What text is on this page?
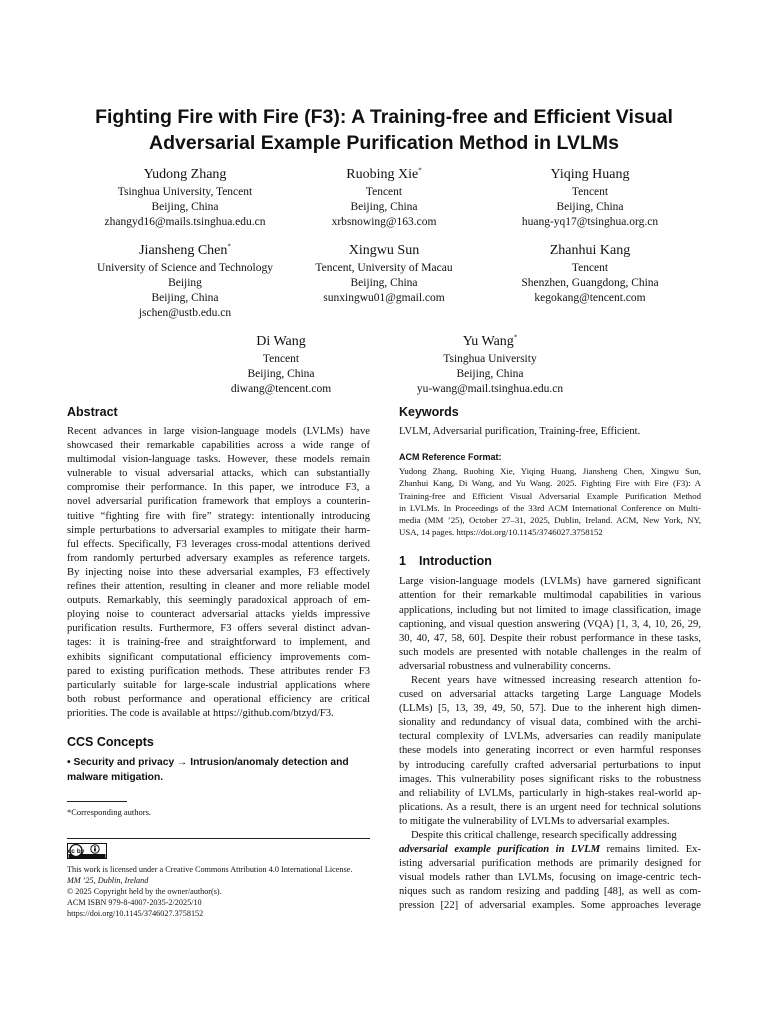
Fighting Fire with Fire (F3): A Training-free and Efficient Visual
Adversarial Example Purification Method in LVLMs
Yudong Zhang
Tsinghua University, Tencent
Beijing, China
zhangyd16@mails.tsinghua.edu.cn
Ruobing Xie*
Tencent
Beijing, China
xrbsnowing@163.com
Yiqing Huang
Tencent
Beijing, China
huang-yq17@tsinghua.org.cn
Jiansheng Chen*
University of Science and Technology
Beijing
Beijing, China
jschen@ustb.edu.cn
Xingwu Sun
Tencent, University of Macau
Beijing, China
sunxingwu01@gmail.com
Zhanhui Kang
Tencent
Shenzhen, Guangdong, China
kegokang@tencent.com
Di Wang
Tencent
Beijing, China
diwang@tencent.com
Yu Wang*
Tsinghua University
Beijing, China
yu-wang@mail.tsinghua.edu.cn
Abstract
Recent advances in large vision-language models (LVLMs) have
showcased their remarkable capabilities across a wide range of
multimodal vision-language tasks. However, these models remain
vulnerable to visual adversarial attacks, which can substantially
compromise their performance. In this paper, we introduce F3, a
novel adversarial purification framework that employs a counterin-
tuitive “fighting fire with fire” strategy: intentionally introducing
simple perturbations to adversarial examples to mitigate their harm-
ful effects. Specifically, F3 leverages cross-modal attentions derived
from randomly perturbed adversary examples as reference targets.
By injecting noise into these adversarial examples, F3 effectively
refines their attention, resulting in cleaner and more reliable model
outputs. Remarkably, this seemingly paradoxical approach of em-
ploying noise to counteract adversarial attacks yields impressive
purification results. Furthermore, F3 offers several distinct advan-
tages: it is training-free and straightforward to implement, and
exhibits significant computational efficiency improvements com-
pared to existing purification methods. These attributes render F3
particularly suitable for large-scale industrial applications where
both robust performance and operational efficiency are critical
priorities. The code is available at https://github.com/btzyd/F3.
CCS Concepts
• Security and privacy → Intrusion/anomaly detection and
malware mitigation.
*Corresponding authors.
cc by
This work is licensed under a Creative Commons Attribution 4.0 International License.
MM ’25, Dublin, Ireland
© 2025 Copyright held by the owner/author(s).
ACM ISBN 979-8-4007-2035-2/2025/10
https://doi.org/10.1145/3746027.3758152
Keywords
LVLM, Adversarial purification, Training-free, Efficient.
ACM Reference Format:
Yudong Zhang, Ruobing Xie, Yiqing Huang, Jiansheng Chen, Xingwu Sun,
Zhanhui Kang, Di Wang, and Yu Wang. 2025. Fighting Fire with Fire (F3): A
Training-free and Efficient Visual Adversarial Example Purification Method
in LVLMs. In Proceedings of the 33rd ACM International Conference on Multi-
media (MM ’25), October 27–31, 2025, Dublin, Ireland. ACM, New York, NY,
USA, 14 pages. https://doi.org/10.1145/3746027.3758152
1 Introduction
Large vision-language models (LVLMs) have garnered significant
attention for their remarkable multimodal capabilities in various
applications, including but not limited to image classification, image
captioning, and visual question answering (VQA) [1, 3, 4, 10, 26, 29,
30, 40, 47, 58, 60]. Despite their robust performance in these tasks,
such models are presented with notable challenges in the realm of
adversarial robustness and vulnerability concerns.
Recent years have witnessed increasing research attention fo-
cused on adversarial attacks targeting Large Language Models
(LLMs) [5, 13, 39, 49, 50, 57]. Due to the inherent high dimen-
sionality and redundancy of visual data, combined with the archi-
tectural complexity of LVLMs, adversaries can readily manipulate
these models into generating incorrect or even harmful responses
by introducing carefully crafted adversarial perturbations to input
images. This vulnerability poses significant risks to the robustness
and reliability of LVLMs, particularly in high-stakes real-world ap-
plications. As a result, there is an urgent need for technical solutions
to mitigate the vulnerability of LVLMs to adversarial examples.
Despite this critical challenge, research specifically addressing
adversarial example purification in LVLM remains limited. Ex-
isting adversarial purification methods are primarily designed for
visual models rather than LVLMs, focusing on image-centric tech-
niques such as random resizing and padding [48], as well as com-
pression [22] of adversarial examples. Some approaches leverage
